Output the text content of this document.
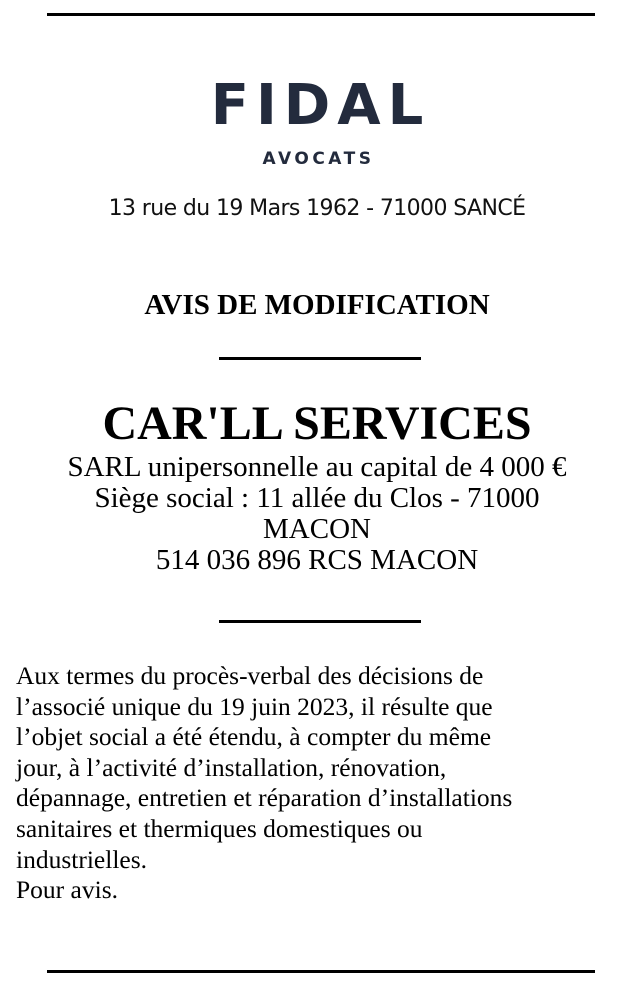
FIDAL
AVOCATS
13 rue du 19 Mars 1962 - 71000 SANCÉ
AVIS DE MODIFICATION
CAR'LL SERVICES
SARL unipersonnelle au capital de 4 000 €
Siège social : 11 allée du Clos - 71000
MACON
514 036 896 RCS MACON
Aux termes du procès-verbal des décisions de
l’associé unique du 19 juin 2023, il résulte que
l’objet social a été étendu, à compter du même
jour, à l’activité d’installation, rénovation,
dépannage, entretien et réparation d’installations
sanitaires et thermiques domestiques ou
industrielles.
Pour avis.
